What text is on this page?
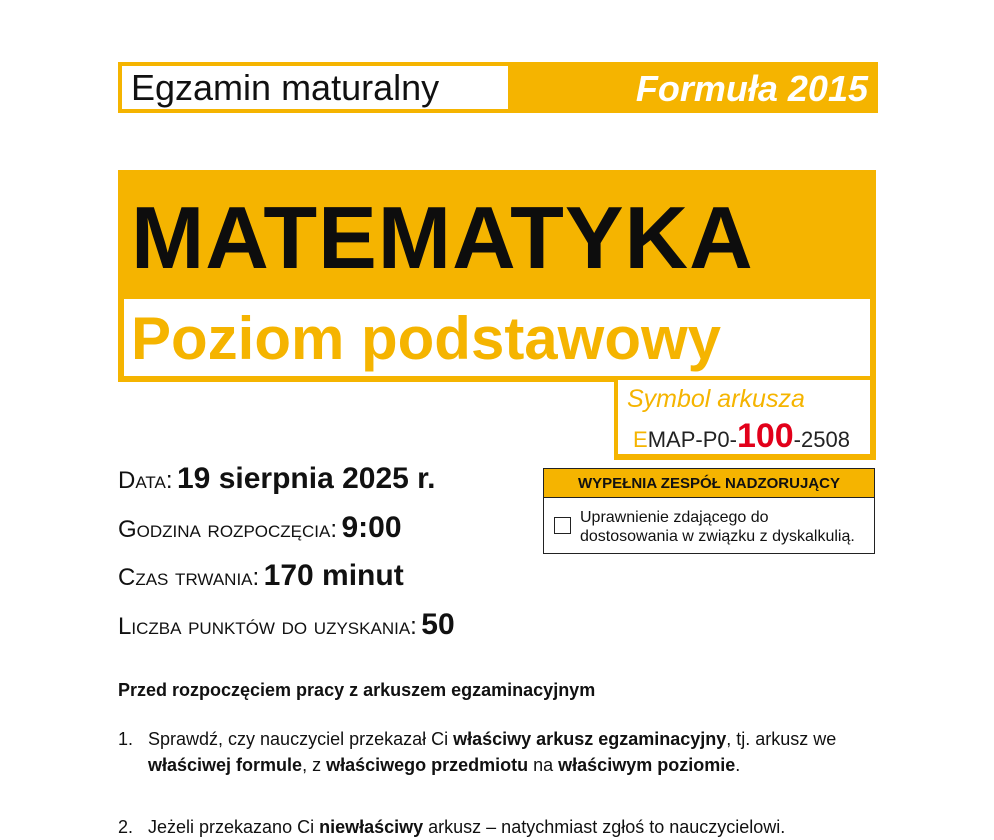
Egzamin maturalny	Formuła 2015
MATEMATYKA
Poziom podstawowy
Symbol arkusza
EMAP-P0-100-2508
Data: 19 sierpnia 2025 r.
Godzina rozpoczęcia: 9:00
Czas trwania: 170 minut
Liczba punktów do uzyskania: 50
WYPEŁNIA ZESPÓŁ NADZORUJĄCY
Uprawnienie zdającego do dostosowania w związku z dyskalkulią.
Przed rozpoczęciem pracy z arkuszem egzaminacyjnym
1. Sprawdź, czy nauczyciel przekazał Ci właściwy arkusz egzaminacyjny, tj. arkusz we właściwej formule, z właściwego przedmiotu na właściwym poziomie.
2. Jeżeli przekazano Ci niewłaściwy arkusz – natychmiast zgłoś to nauczycielowi.
